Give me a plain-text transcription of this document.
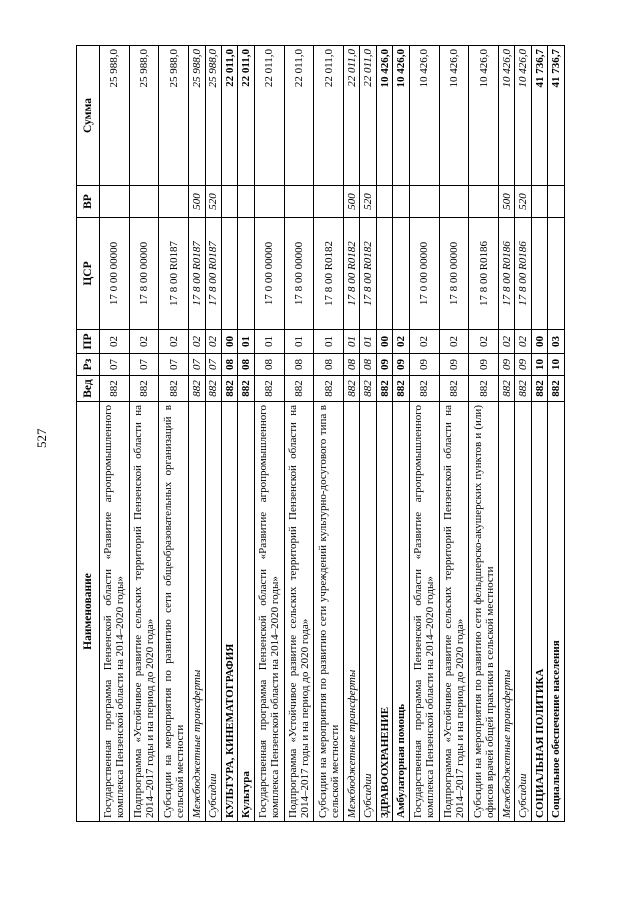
527
Наименование	Вед	Рз	ПР	ЦСР	ВР	Сумма
Государственная программа Пензенской области «Развитие агропромышленного комплекса Пензенской области на 2014–2020 годы»	882	07	02	17 0 00 00000		25 988,0
Подпрограмма «Устойчивое развитие сельских территорий Пензенской области на 2014–2017 годы и на период до 2020 года»	882	07	02	17 8 00 00000		25 988,0
Субсидии на мероприятия по развитию сети общеобразовательных организаций в сельской местности	882	07	02	17 8 00 R0187		25 988,0
Межбюджетные трансферты	882	07	02	17 8 00 R0187	500	25 988,0
Субсидии	882	07	02	17 8 00 R0187	520	25 988,0
КУЛЬТУРА, КИНЕМАТОГРАФИЯ	882	08	00			22 011,0
Культура	882	08	01			22 011,0
Государственная программа Пензенской области «Развитие агропромышленного комплекса Пензенской области на 2014–2020 годы»	882	08	01	17 0 00 00000		22 011,0
Подпрограмма «Устойчивое развитие сельских территорий Пензенской области на 2014–2017 годы и на период до 2020 года»	882	08	01	17 8 00 00000		22 011,0
Субсидии на мероприятия по развитию сети учреждений культурно-досугового типа в сельской местности	882	08	01	17 8 00 R0182		22 011,0
Межбюджетные трансферты	882	08	01	17 8 00 R0182	500	22 011,0
Субсидии	882	08	01	17 8 00 R0182	520	22 011,0
ЗДРАВООХРАНЕНИЕ	882	09	00			10 426,0
Амбулаторная помощь	882	09	02			10 426,0
Государственная программа Пензенской области «Развитие агропромышленного комплекса Пензенской области на 2014–2020 годы»	882	09	02	17 0 00 00000		10 426,0
Подпрограмма «Устойчивое развитие сельских территорий Пензенской области на 2014–2017 годы и на период до 2020 года»	882	09	02	17 8 00 00000		10 426,0
Субсидии на мероприятия по развитию сети фельдшерско-акушерских пунктов и (или) офисов врачей общей практики в сельской местности	882	09	02	17 8 00 R0186		10 426,0
Межбюджетные трансферты	882	09	02	17 8 00 R0186	500	10 426,0
Субсидии	882	09	02	17 8 00 R0186	520	10 426,0
СОЦИАЛЬНАЯ ПОЛИТИКА	882	10	00			41 736,7
Социальное обеспечение населения	882	10	03			41 736,7
